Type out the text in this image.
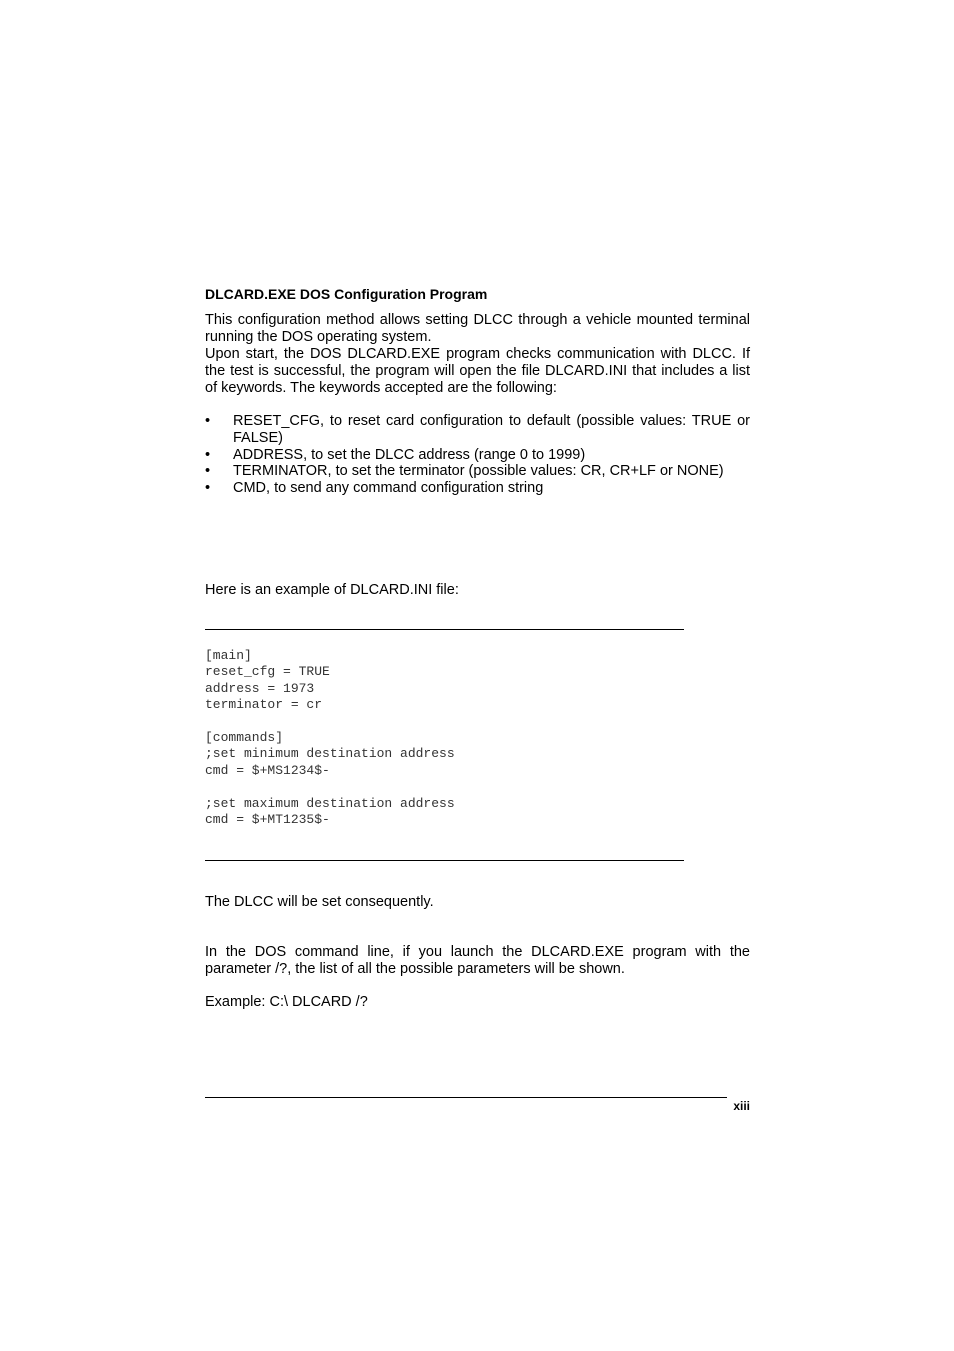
DLCARD.EXE DOS Configuration Program
This configuration method allows setting DLCC through a vehicle mounted terminal running the DOS operating system.
Upon start, the DOS DLCARD.EXE program checks communication with DLCC. If the test is successful, the program will open the file DLCARD.INI that includes a list of keywords. The keywords accepted are the following:
• RESET_CFG, to reset card configuration to default (possible values: TRUE or FALSE)
• ADDRESS, to set the DLCC address (range 0 to 1999)
• TERMINATOR, to set the terminator (possible values: CR, CR+LF or NONE)
• CMD, to send any command configuration string
Here is an example of DLCARD.INI file:
[main]
reset_cfg = TRUE
address = 1973
terminator = cr

[commands]
;set minimum destination address
cmd = $+MS1234$-

;set maximum destination address
cmd = $+MT1235$-
The DLCC will be set consequently.
In the DOS command line, if you launch the DLCARD.EXE program with the parameter /?, the list of all the possible parameters will be shown.
Example: C:\ DLCARD /?
xiii
